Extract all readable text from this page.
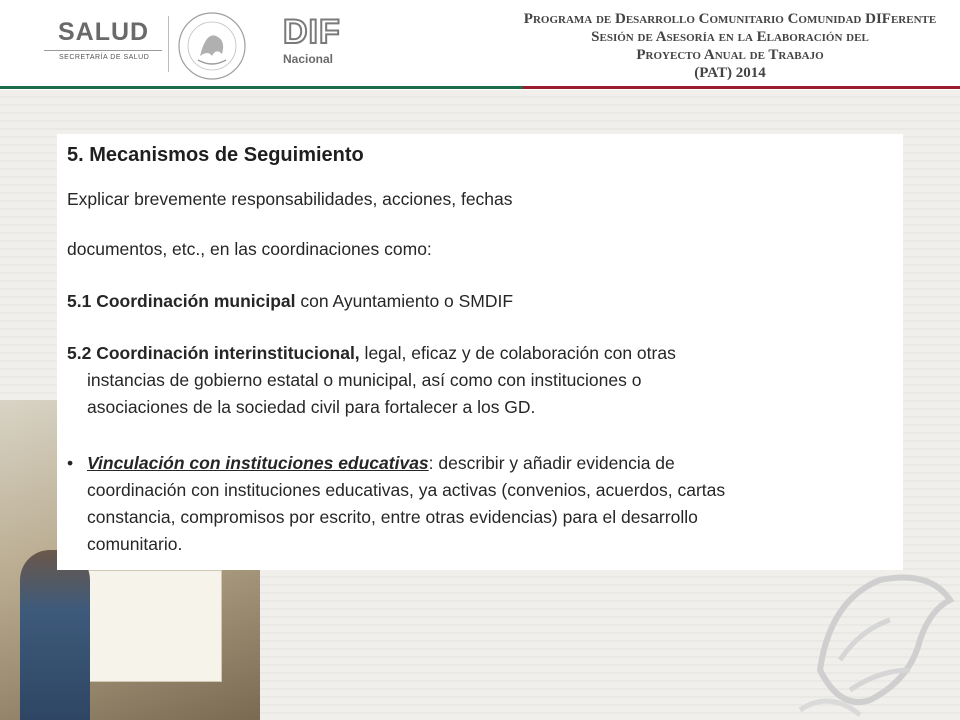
SALUD
SECRETARÍA DE SALUD
DIF
Nacional
Programa de Desarrollo Comunitario Comunidad DIFerente
Sesión de Asesoría en la Elaboración del
Proyecto Anual de Trabajo
(PAT) 2014
5. Mecanismos de Seguimiento
Explicar brevemente responsabilidades, acciones, fechas
documentos, etc., en las coordinaciones como:
5.1 Coordinación municipal con Ayuntamiento o SMDIF
5.2 Coordinación interinstitucional, legal, eficaz y de colaboración con otras
instancias de gobierno estatal o municipal, así como con instituciones o
asociaciones de la sociedad civil para fortalecer a los GD.
• Vinculación con instituciones educativas: describir y añadir evidencia de
coordinación con instituciones educativas, ya activas (convenios, acuerdos, cartas
constancia, compromisos por escrito, entre otras evidencias) para el desarrollo
comunitario.
